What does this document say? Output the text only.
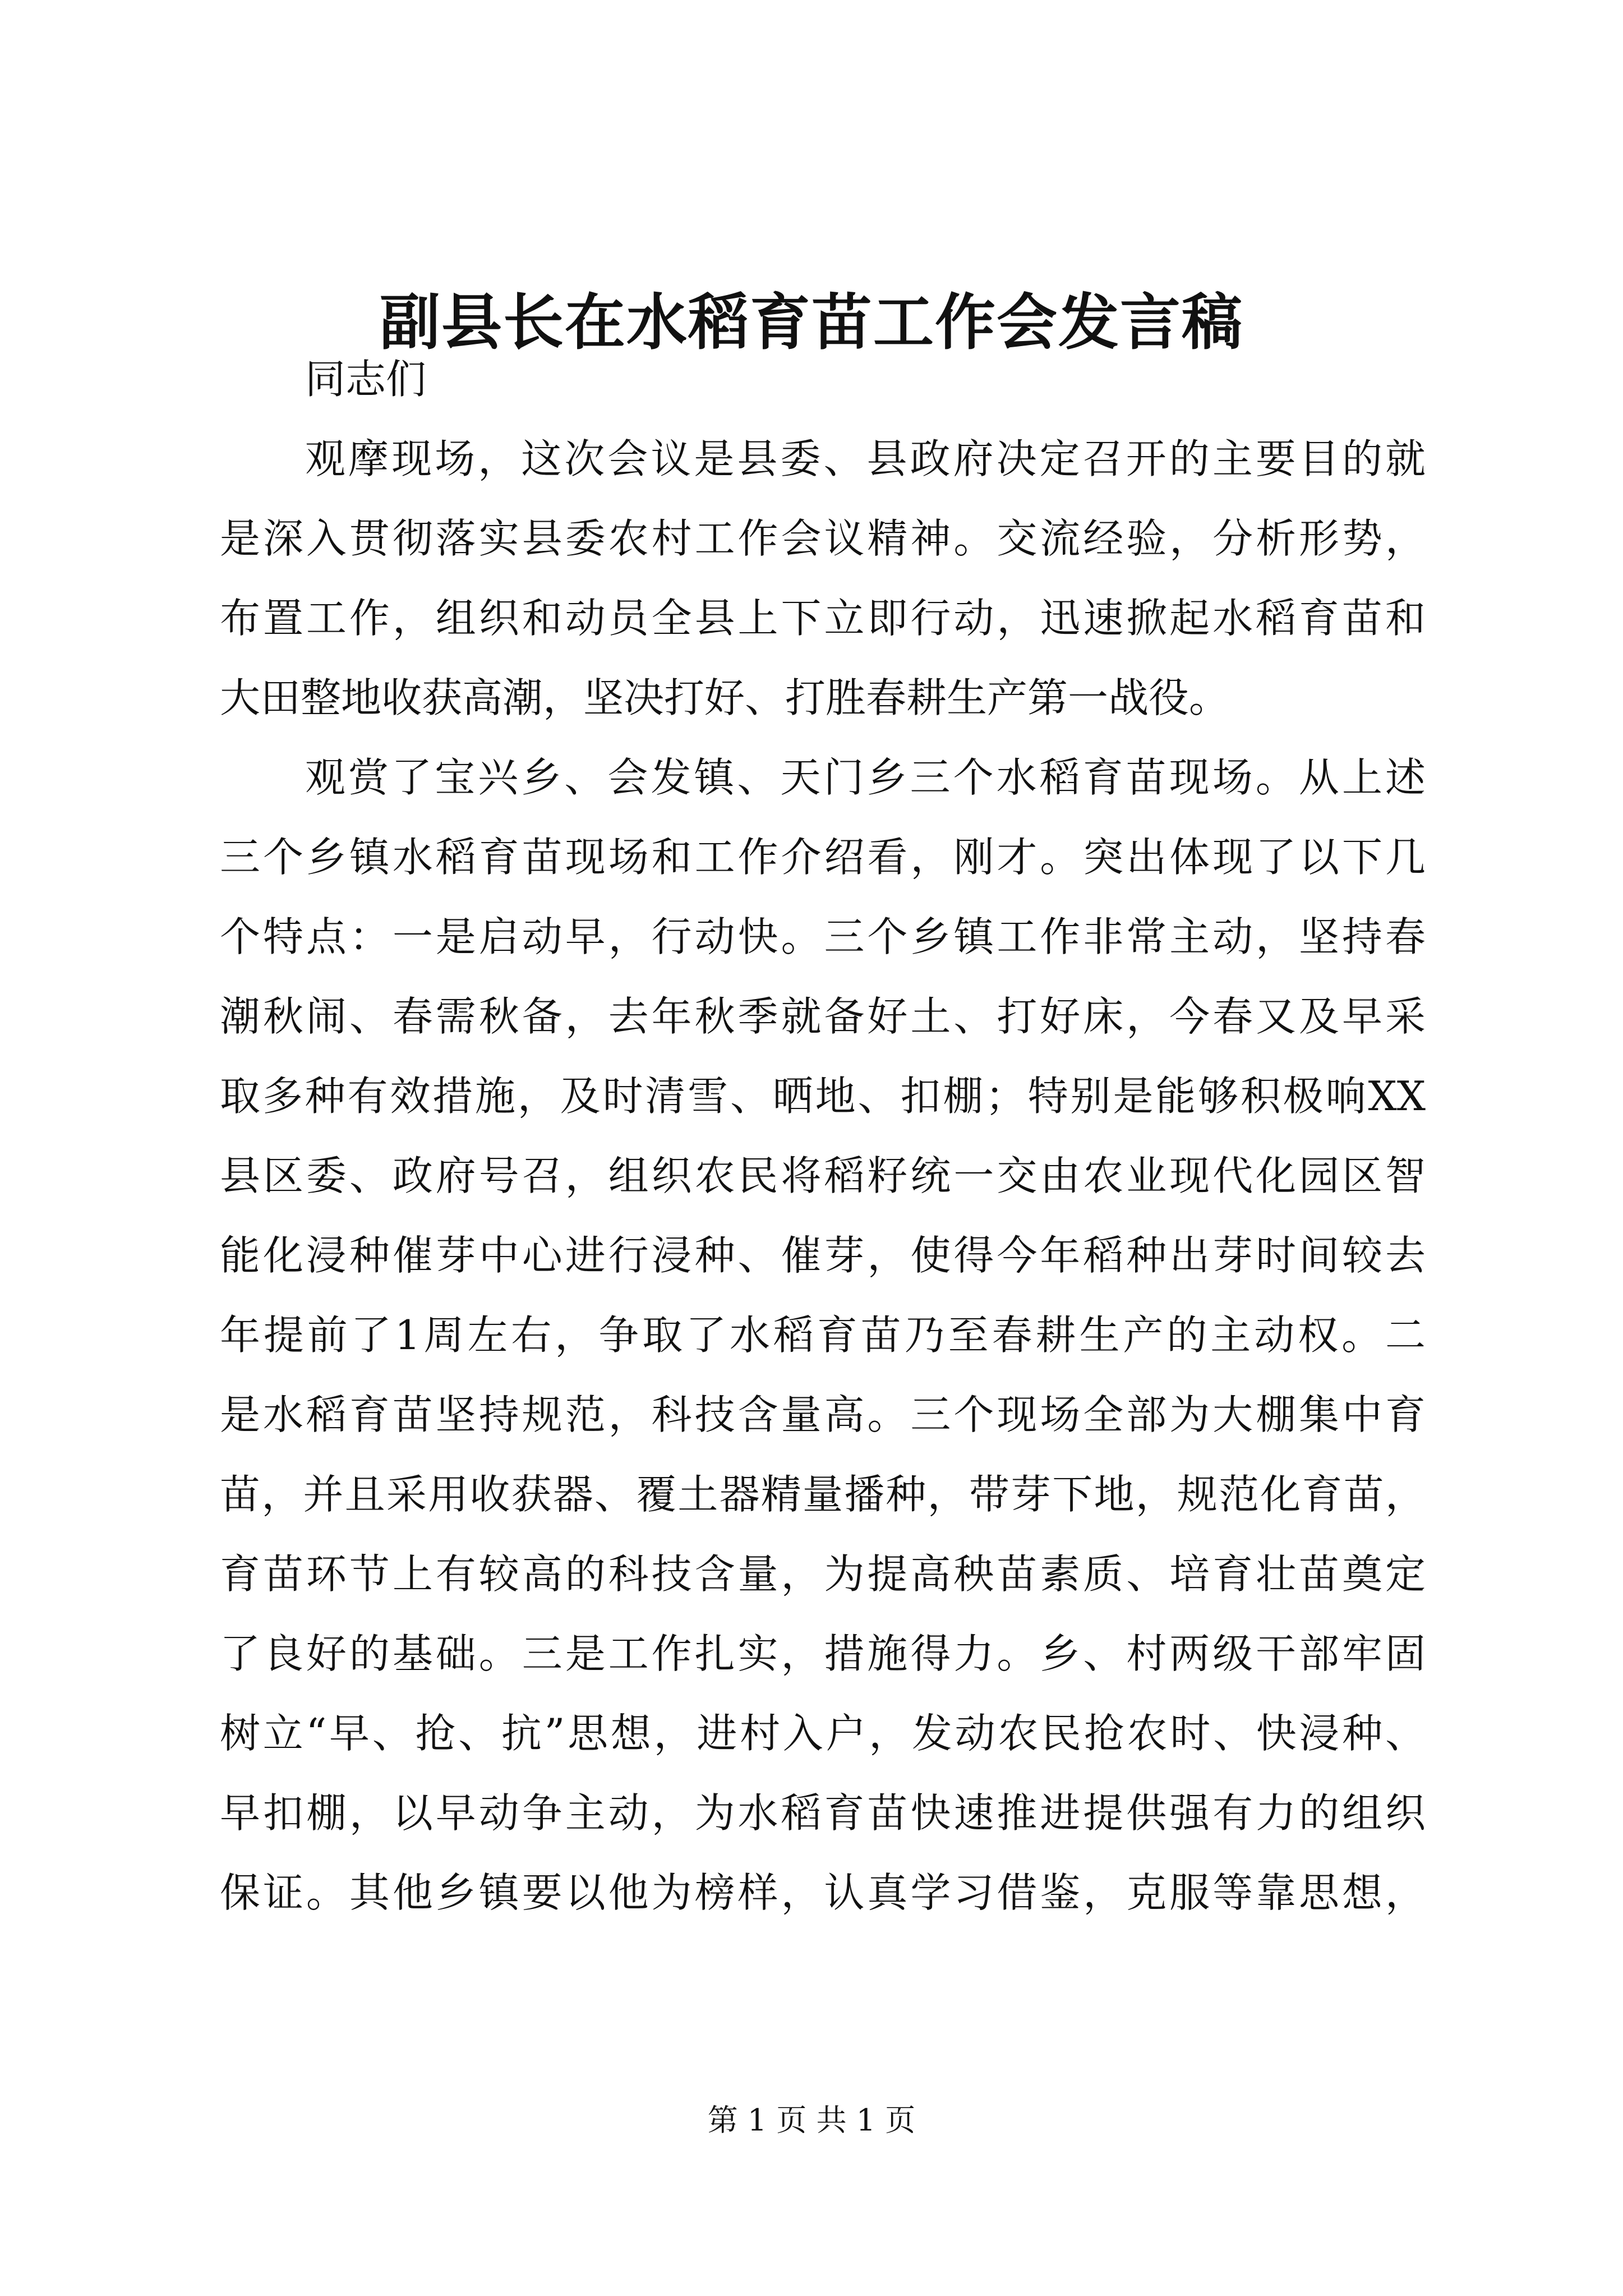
副县长在水稻育苗工作会发言稿
同志们
观摩现场，这次会议是县委、县政府决定召开的主要目的就
是深入贯彻落实县委农村工作会议精神。交流经验，分析形势，
布置工作，组织和动员全县上下立即行动，迅速掀起水稻育苗和
大田整地收获高潮，坚决打好、打胜春耕生产第一战役。
观赏了宝兴乡、会发镇、天门乡三个水稻育苗现场。从上述
三个乡镇水稻育苗现场和工作介绍看，刚才。突出体现了以下几
个特点：一是启动早，行动快。三个乡镇工作非常主动，坚持春
潮秋闹、春需秋备，去年秋季就备好土、打好床，今春又及早采
取多种有效措施，及时清雪、晒地、扣棚；特别是能够积极响XX
县区委、政府号召，组织农民将稻籽统一交由农业现代化园区智
能化浸种催芽中心进行浸种、催芽，使得今年稻种出芽时间较去
年提前了1周左右，争取了水稻育苗乃至春耕生产的主动权。二
是水稻育苗坚持规范，科技含量高。三个现场全部为大棚集中育
苗，并且采用收获器、覆土器精量播种，带芽下地，规范化育苗，
育苗环节上有较高的科技含量，为提高秧苗素质、培育壮苗奠定
了良好的基础。三是工作扎实，措施得力。乡、村两级干部牢固
树立“早、抢、抗”思想，进村入户，发动农民抢农时、快浸种、
早扣棚，以早动争主动，为水稻育苗快速推进提供强有力的组织
保证。其他乡镇要以他为榜样，认真学习借鉴，克服等靠思想，
第 1 页 共 1 页
